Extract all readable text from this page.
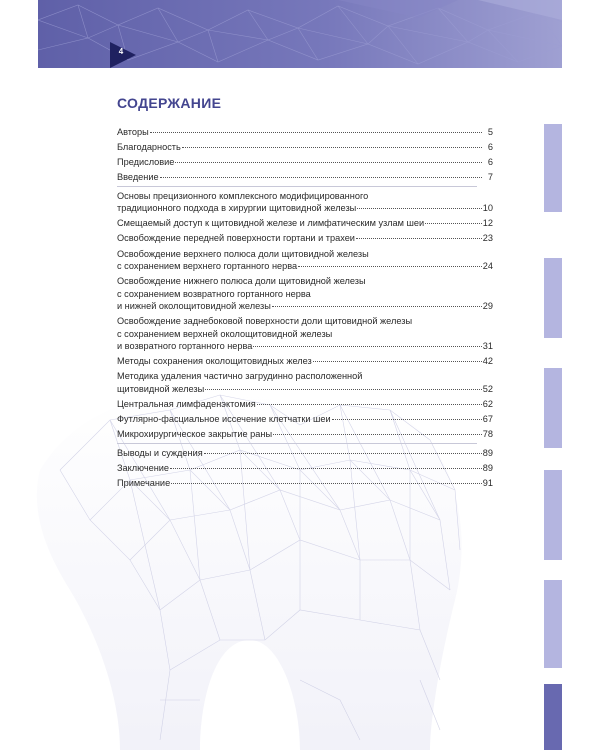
4
СОДЕРЖАНИЕ
Авторы	5
Благодарность	6
Предисловие	6
Введение	7
Основы прецизионного комплексного модифицированного
традиционного подхода в хирургии щитовидной железы	10
Смещаемый доступ к щитовидной железе и лимфатическим узлам шеи	12
Освобождение передней поверхности гортани и трахеи	23
Освобождение верхнего полюса доли щитовидной железы
с сохранением верхнего гортанного нерва	24
Освобождение нижнего полюса доли щитовидной железы
с сохранением возвратного гортанного нерва
и нижней околощитовидной железы	29
Освобождение заднебоковой поверхности доли щитовидной железы
с сохранением верхней околощитовидной железы
и возвратного гортанного нерва	31
Методы сохранения околощитовидных желез	42
Методика удаления частично загрудинно расположенной
щитовидной железы	52
Центральная лимфаденэктомия	62
Футлярно-фасциальное иссечение клетчатки шеи	67
Микрохирургическое закрытие раны	78
Выводы и суждения	89
Заключение	89
Примечание	91
